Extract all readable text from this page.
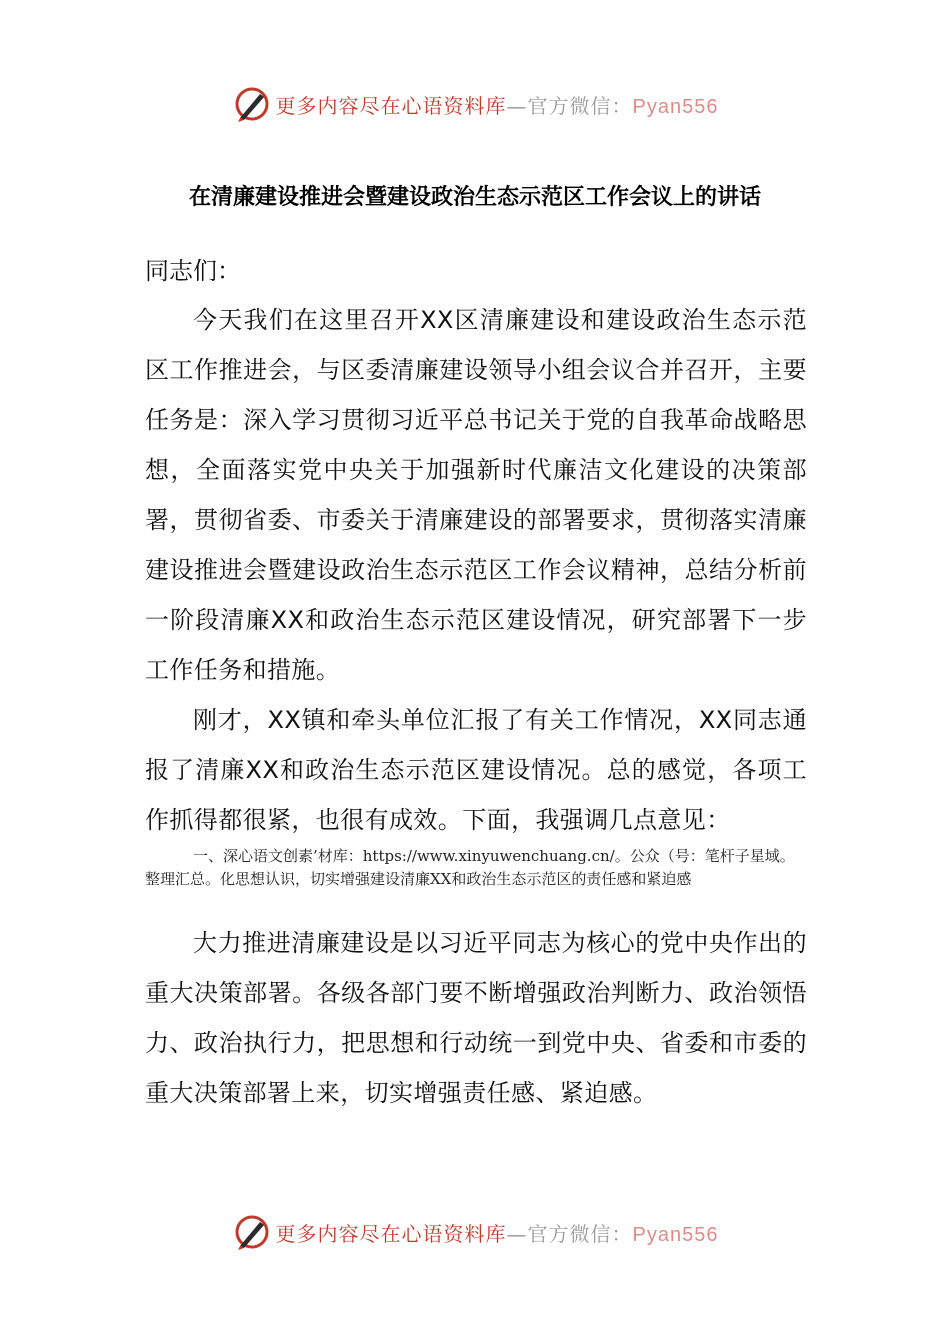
更多内容尽在心语资料库—官方微信：Pyan556
在清廉建设推进会暨建设政治生态示范区工作会议上的讲话
同志们：

今天我们在这里召开XX区清廉建设和建设政治生态示范区工作推进会，与区委清廉建设领导小组会议合并召开，主要任务是：深入学习贯彻习近平总书记关于党的自我革命战略思想，全面落实党中央关于加强新时代廉洁文化建设的决策部署，贯彻省委、市委关于清廉建设的部署要求，贯彻落实清廉建设推进会暨建设政治生态示范区工作会议精神，总结分析前一阶段清廉XX和政治生态示范区建设情况，研究部署下一步工作任务和措施。

刚才，XX镇和牵头单位汇报了有关工作情况，XX同志通报了清廉XX和政治生态示范区建设情况。总的感觉，各项工作抓得都很紧，也很有成效。下面，我强调几点意见：

一、深心语文创素’材库：https://www.xinyuwenchuang.cn/。公众（号：笔杆子星域。整理汇总。化思想认识，切实增强建设清廉XX和政治生态示范区的责任感和紧迫感

大力推进清廉建设是以习近平同志为核心的党中央作出的重大决策部署。各级各部门要不断增强政治判断力、政治领悟力、政治执行力，把思想和行动统一到党中央、省委和市委的重大决策部署上来，切实增强责任感、紧迫感。

更多内容尽在心语资料库—官方微信：Pyan556
